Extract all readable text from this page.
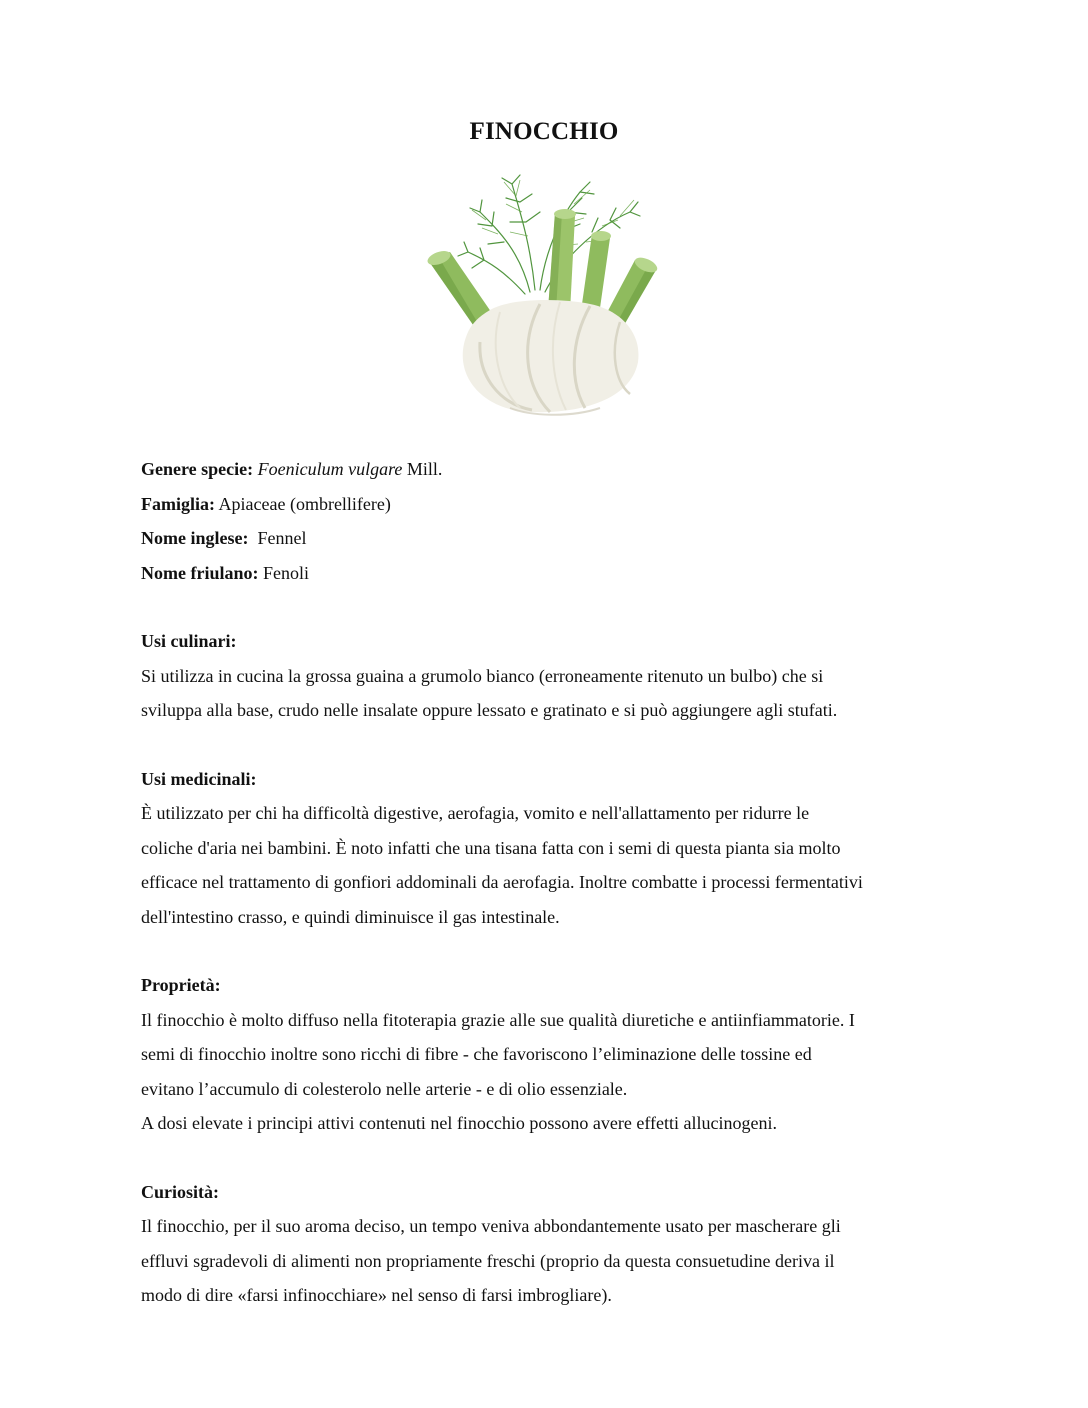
FINOCCHIO

Genere specie: Foeniculum vulgare Mill.

Famiglia: Apiaceae (ombrellifere)

Nome inglese:  Fennel

Nome friulano: Fenoli

Usi culinari:

Si utilizza in cucina la grossa guaina a grumolo bianco (erroneamente ritenuto un bulbo) che si

sviluppa alla base, crudo nelle insalate oppure lessato e gratinato e si può aggiungere agli stufati.

Usi medicinali:

È utilizzato per chi ha difficoltà digestive, aerofagia, vomito e nell'allattamento per ridurre le

coliche d'aria nei bambini. È noto infatti che una tisana fatta con i semi di questa pianta sia molto

efficace nel trattamento di gonfiori addominali da aerofagia. Inoltre combatte i processi fermentativi

dell'intestino crasso, e quindi diminuisce il gas intestinale.

Proprietà:

Il finocchio è molto diffuso nella fitoterapia grazie alle sue qualità diuretiche e antiinfiammatorie. I

semi di finocchio inoltre sono ricchi di fibre - che favoriscono l’eliminazione delle tossine ed

evitano l’accumulo di colesterolo nelle arterie - e di olio essenziale.

A dosi elevate i principi attivi contenuti nel finocchio possono avere effetti allucinogeni.

Curiosità:

Il finocchio, per il suo aroma deciso, un tempo veniva abbondantemente usato per mascherare gli

effluvi sgradevoli di alimenti non propriamente freschi (proprio da questa consuetudine deriva il

modo di dire «farsi infinocchiare» nel senso di farsi imbrogliare).
